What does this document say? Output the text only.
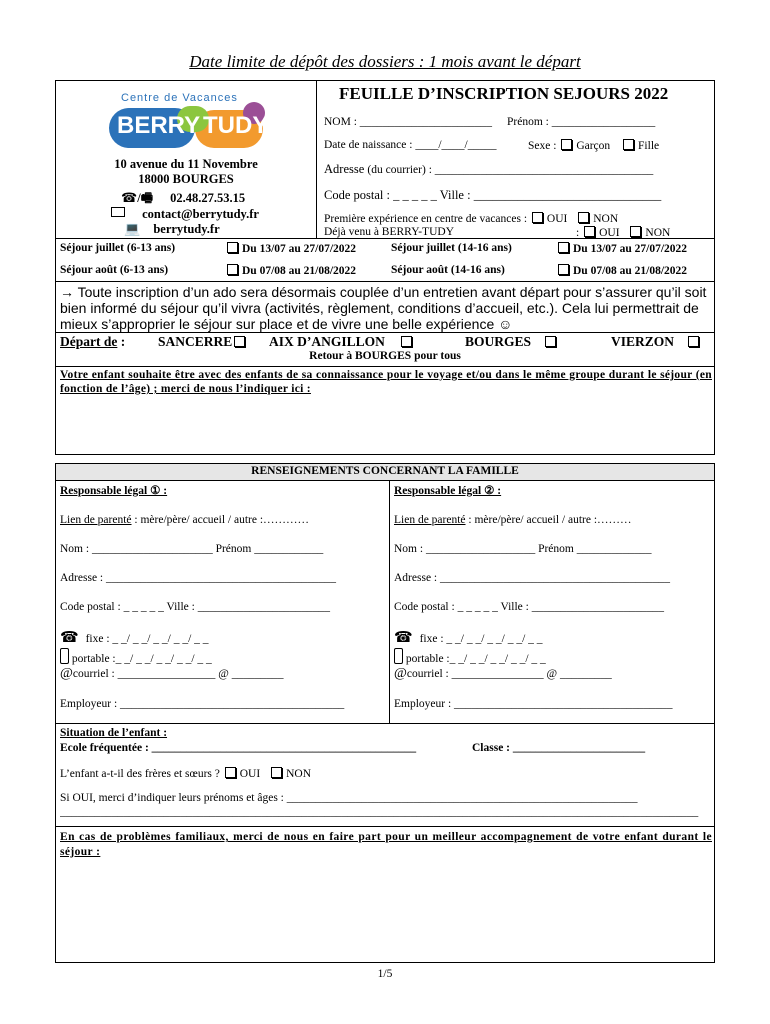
Date limite de dépôt des dossiers : 1 mois avant le départ
Centre de Vacances
BERRY TUDY
10 avenue du 11 Novembre
18000 BOURGES
☎/🖷 02.48.27.53.15
contact@berrytudy.fr
💻 berrytudy.fr
FEUILLE D’INSCRIPTION SEJOURS 2022
NOM : _______________________ Prénom : __________________
Date de naissance : ____/____/_____	Sexe : Garçon Fille
Adresse (du courrier) : ______________________________________
Code postal : _ _ _ _ _ Ville : ______________________________
Première expérience en centre de vacances : OUI NON
Déjà venu à BERRY-TUDY	: OUI NON
Séjour juillet (6-13 ans)	Du 13/07 au 27/07/2022	Séjour juillet (14-16 ans)	Du 13/07 au 27/07/2022
Séjour août (6-13 ans)	Du 07/08 au 21/08/2022	Séjour août (14-16 ans)	Du 07/08 au 21/08/2022
→ Toute inscription d’un ado sera désormais couplée d’un entretien avant départ pour s’assurer qu’il soit bien informé du séjour qu’il vivra (activités, règlement, conditions d’accueil, etc.). Cela lui permettrait de mieux s’approprier le séjour sur place et de vivre une belle expérience ☺
Départ de :	SANCERRE	AIX D’ANGILLON	BOURGES	VIERZON
Retour à BOURGES pour tous
Votre enfant souhaite être avec des enfants de sa connaissance pour le voyage et/ou dans le même groupe durant le séjour (en fonction de l’âge) ; merci de nous l’indiquer ici :
RENSEIGNEMENTS CONCERNANT LA FAMILLE
Responsable légal ① :
Lien de parenté : mère/père/ accueil / autre :…………
Nom : _____________________ Prénom ____________
Adresse : ________________________________________
Code postal : _ _ _ _ _ Ville : _______________________
☎ fixe : _ _/ _ _/ _ _/ _ _/ _ _
portable :_ _/ _ _/ _ _/ _ _/ _ _
@courriel : _________________ @ _________
Employeur : _______________________________________
Responsable légal ② :
Lien de parenté : mère/père/ accueil / autre :………
Nom : ___________________ Prénom _____________
Adresse : ________________________________________
Code postal : _ _ _ _ _ Ville : _______________________
☎ fixe : _ _/ _ _/ _ _/ _ _/ _ _
portable :_ _/ _ _/ _ _/ _ _/ _ _
@courriel : ________________ @ _________
Employeur : ______________________________________
Situation de l’enfant :
Ecole fréquentée : ______________________________________________	Classe : _______________________
L’enfant a-t-il des frères et sœurs ? OUI NON
Si OUI, merci d’indiquer leurs prénoms et âges : _____________________________________________________________
_______________________________________________________________________________________________________________
En cas de problèmes familiaux, merci de nous en faire part pour un meilleur accompagnement de votre enfant durant le séjour :
1/5
